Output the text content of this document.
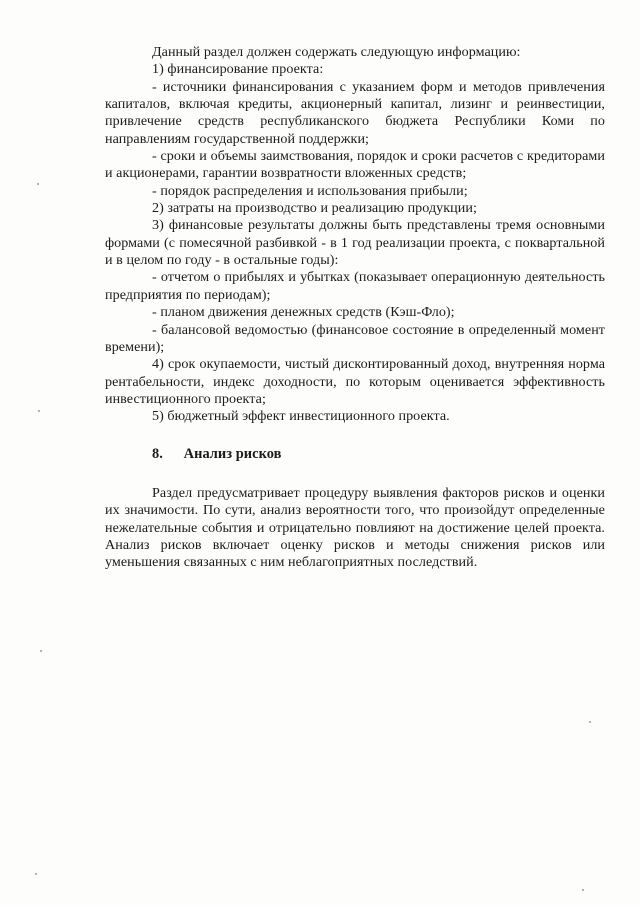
Данный раздел должен содержать следующую информацию:

1) финансирование проекта:

- источники финансирования с указанием форм и методов привлечения капиталов, включая кредиты, акционерный капитал, лизинг и реинвестиции, привлечение средств республиканского бюджета Республики Коми по направлениям государственной поддержки;

- сроки и объемы заимствования, порядок и сроки расчетов с кредиторами и акционерами, гарантии возвратности вложенных средств;

- порядок распределения и использования прибыли;

2) затраты на производство и реализацию продукции;

3) финансовые результаты должны быть представлены тремя основными формами (с помесячной разбивкой - в 1 год реализации проекта, с поквартальной и в целом по году - в остальные годы):

- отчетом о прибылях и убытках (показывает операционную деятельность предприятия по периодам);

- планом движения денежных средств (Кэш-Фло);

- балансовой ведомостью (финансовое состояние в определенный момент времени);

4) срок окупаемости, чистый дисконтированный доход, внутренняя норма рентабельности, индекс доходности, по которым оценивается эффективность инвестиционного проекта;

5) бюджетный эффект инвестиционного проекта.

8. Анализ рисков

Раздел предусматривает процедуру выявления факторов рисков и оценки их значимости. По сути, анализ вероятности того, что произойдут определенные нежелательные события и отрицательно повлияют на достижение целей проекта. Анализ рисков включает оценку рисков и методы снижения рисков или уменьшения связанных с ним неблагоприятных последствий.
